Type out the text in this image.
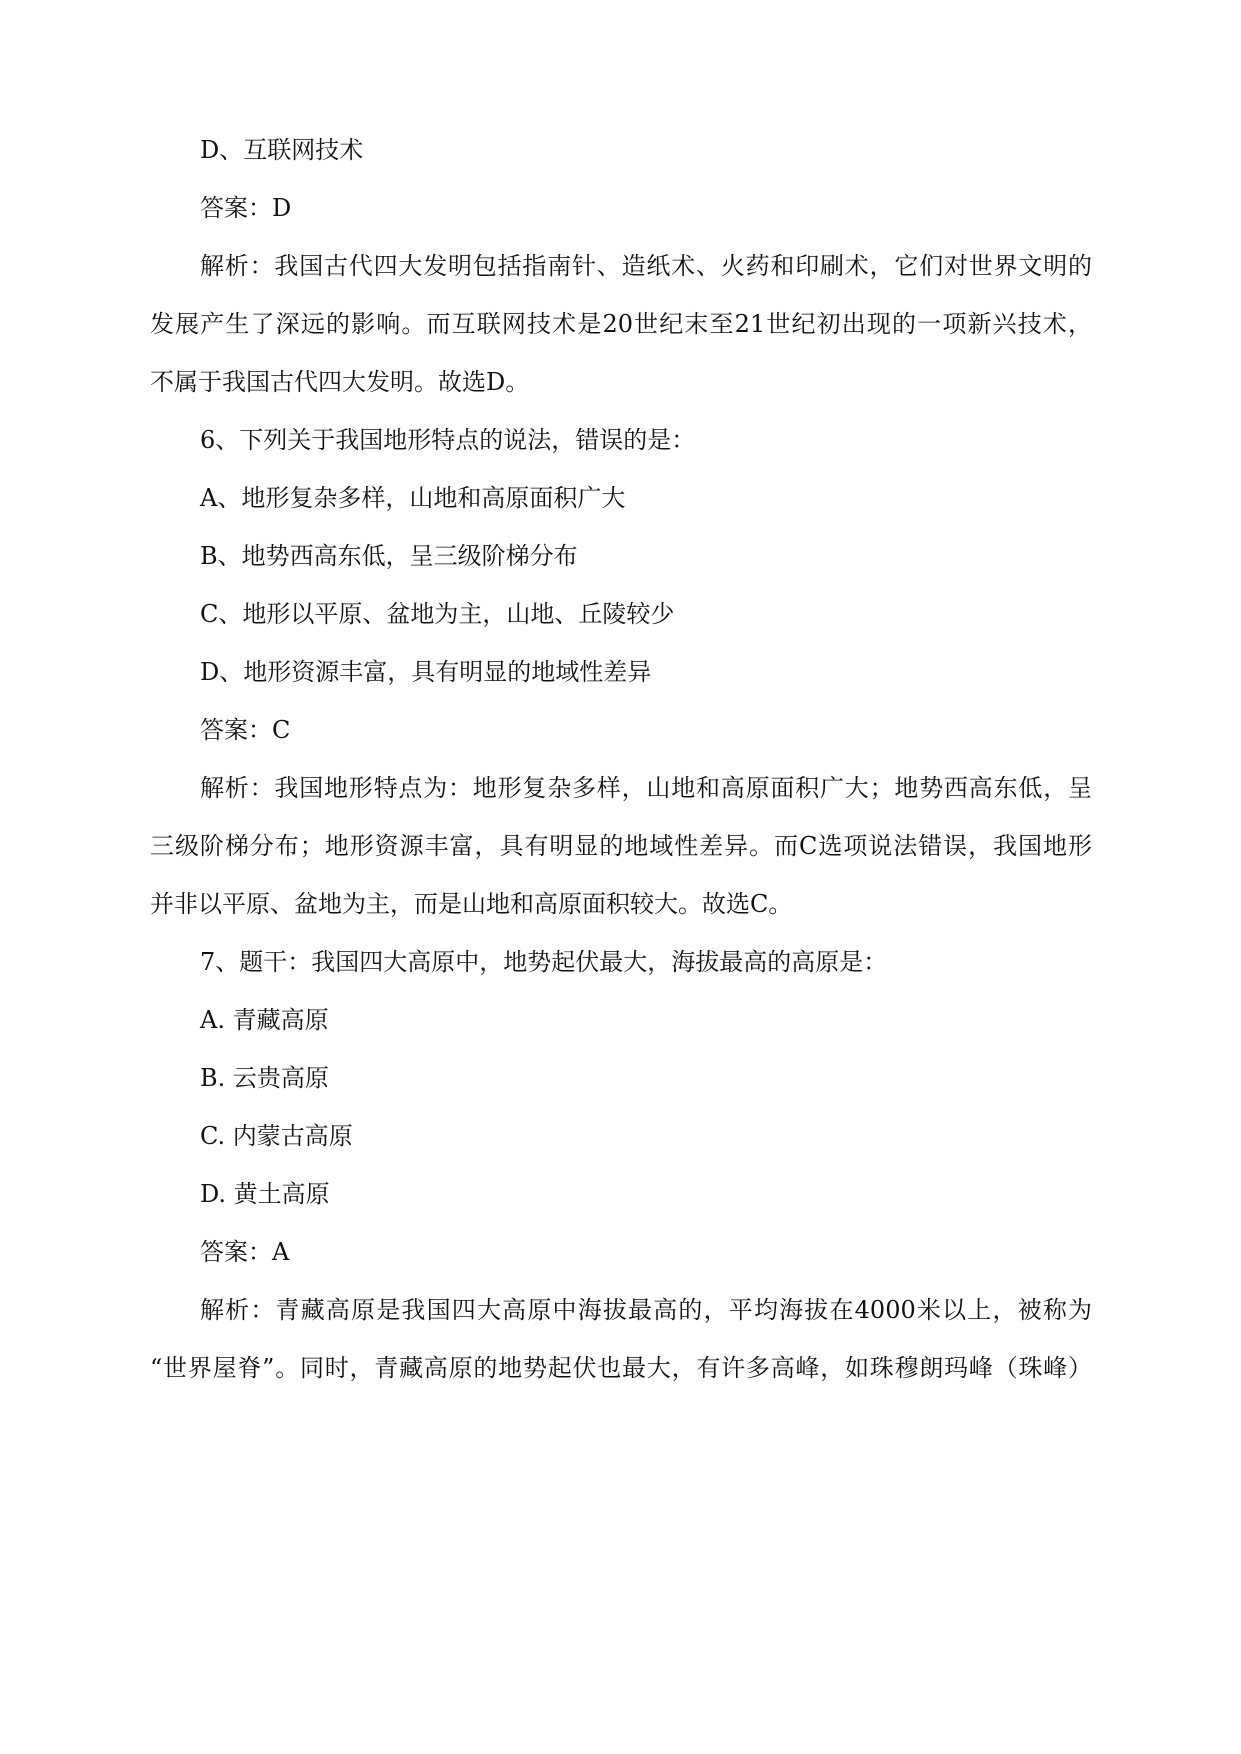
D、互联网技术

答案：D

解析：我国古代四大发明包括指南针、造纸术、火药和印刷术，它们对世界文明的

发展产生了深远的影响。而互联网技术是20世纪末至21世纪初出现的一项新兴技术，

不属于我国古代四大发明。故选D。

6、下列关于我国地形特点的说法，错误的是：

A、地形复杂多样，山地和高原面积广大

B、地势西高东低，呈三级阶梯分布

C、地形以平原、盆地为主，山地、丘陵较少

D、地形资源丰富，具有明显的地域性差异

答案：C

解析：我国地形特点为：地形复杂多样，山地和高原面积广大；地势西高东低，呈

三级阶梯分布；地形资源丰富，具有明显的地域性差异。而C选项说法错误，我国地形

并非以平原、盆地为主，而是山地和高原面积较大。故选C。

7、题干：我国四大高原中，地势起伏最大，海拔最高的高原是：

A. 青藏高原

B. 云贵高原

C. 内蒙古高原

D. 黄土高原

答案：A

解析：青藏高原是我国四大高原中海拔最高的，平均海拔在4000米以上，被称为

“世界屋脊”。同时，青藏高原的地势起伏也最大，有许多高峰，如珠穆朗玛峰（珠峰）
